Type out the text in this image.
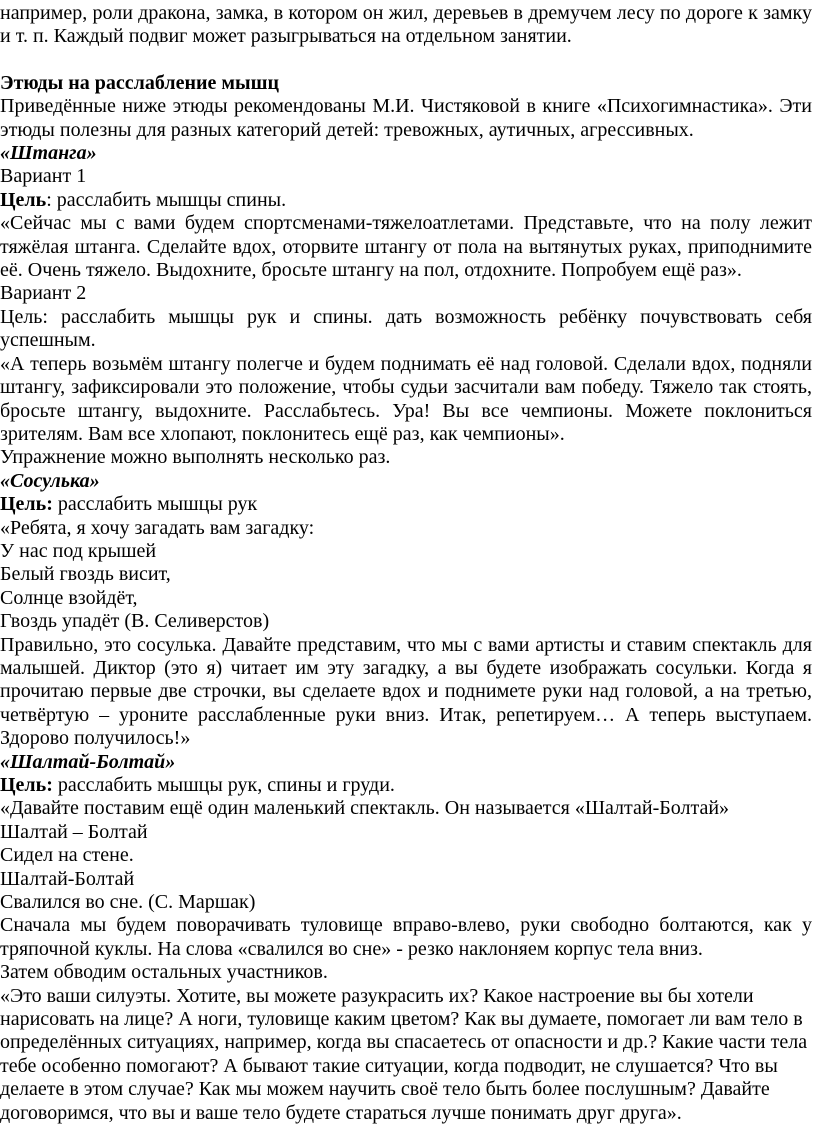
например, роли дракона, замка, в котором он жил, деревьев в дремучем лесу по дороге к замку и т. п. Каждый подвиг может разыгрываться на отдельном занятии.

Этюды на расслабление мышц

Приведённые ниже этюды рекомендованы М.И. Чистяковой в книге «Психогимнастика». Эти этюды полезны для разных категорий детей: тревожных, аутичных, агрессивных.

«Штанга»

Вариант 1

Цель: расслабить мышцы спины.

«Сейчас мы с вами будем спортсменами-тяжелоатлетами. Представьте, что на полу лежит тяжёлая штанга. Сделайте вдох, оторвите штангу от пола на вытянутых руках, приподнимите её. Очень тяжело. Выдохните, бросьте штангу на пол, отдохните. Попробуем ещё раз».

Вариант 2

Цель: расслабить мышцы рук и спины. дать возможность ребёнку почувствовать себя успешным.

«А теперь возьмём штангу полегче и будем поднимать её над головой. Сделали вдох, подняли штангу, зафиксировали это положение, чтобы судьи засчитали вам победу. Тяжело так стоять, бросьте штангу, выдохните. Расслабьтесь. Ура! Вы все чемпионы. Можете поклониться зрителям. Вам все хлопают, поклонитесь ещё раз, как чемпионы».

Упражнение можно выполнять несколько раз.

«Сосулька»

Цель: расслабить мышцы рук

«Ребята, я хочу загадать вам загадку:

У нас под крышей

Белый гвоздь висит,

Солнце взойдёт,

Гвоздь упадёт (В. Селиверстов)

Правильно, это сосулька. Давайте представим, что мы с вами артисты и ставим спектакль для малышей. Диктор (это я) читает им эту загадку, а вы будете изображать сосульки. Когда я прочитаю первые две строчки, вы сделаете вдох и поднимете руки над головой, а на третью, четвёртую – уроните расслабленные руки вниз. Итак, репетируем… А теперь выступаем. Здорово получилось!»

«Шалтай-Болтай»

Цель: расслабить мышцы рук, спины и груди.

«Давайте поставим ещё один маленький спектакль. Он называется «Шалтай-Болтай»

Шалтай – Болтай

Сидел на стене.

Шалтай-Болтай

Свалился во сне. (С. Маршак)

Сначала мы будем поворачивать туловище вправо-влево, руки свободно болтаются, как у тряпочной куклы. На слова «свалился во сне» - резко наклоняем корпус тела вниз.

Затем обводим остальных участников.

«Это ваши силуэты. Хотите, вы можете разукрасить их? Какое настроение вы бы хотели нарисовать на лице? А ноги, туловище каким цветом? Как вы думаете, помогает ли вам тело в определённых ситуациях, например, когда вы спасаетесь от опасности и др.? Какие части тела тебе особенно помогают? А бывают такие ситуации, когда подводит, не слушается? Что вы делаете в этом случае? Как мы можем научить своё тело быть более послушным? Давайте договоримся, что вы и ваше тело будете стараться лучше понимать друг друга».
